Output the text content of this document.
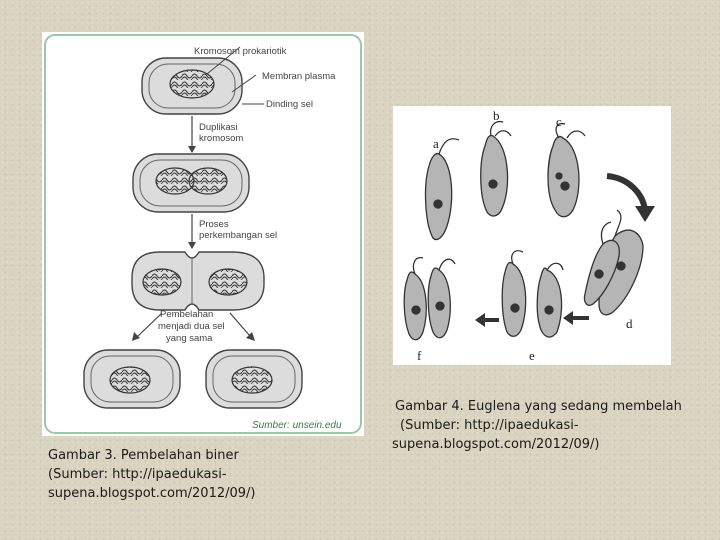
Kromosom prokariotik
Membran plasma
Dinding sel
Duplikasi
kromosom
Proses
perkembangan sel
Pembelahan
menjadi dua sel
yang sama
Sumber: unsein.edu
a
b	c
d
e
f

Gambar 3. Pembelahan biner
(Sumber: http://ipaedukasi-
supena.blogspot.com/2012/09/)

Gambar 4. Euglena yang sedang membelah
(Sumber: http://ipaedukasi-
supena.blogspot.com/2012/09/)
